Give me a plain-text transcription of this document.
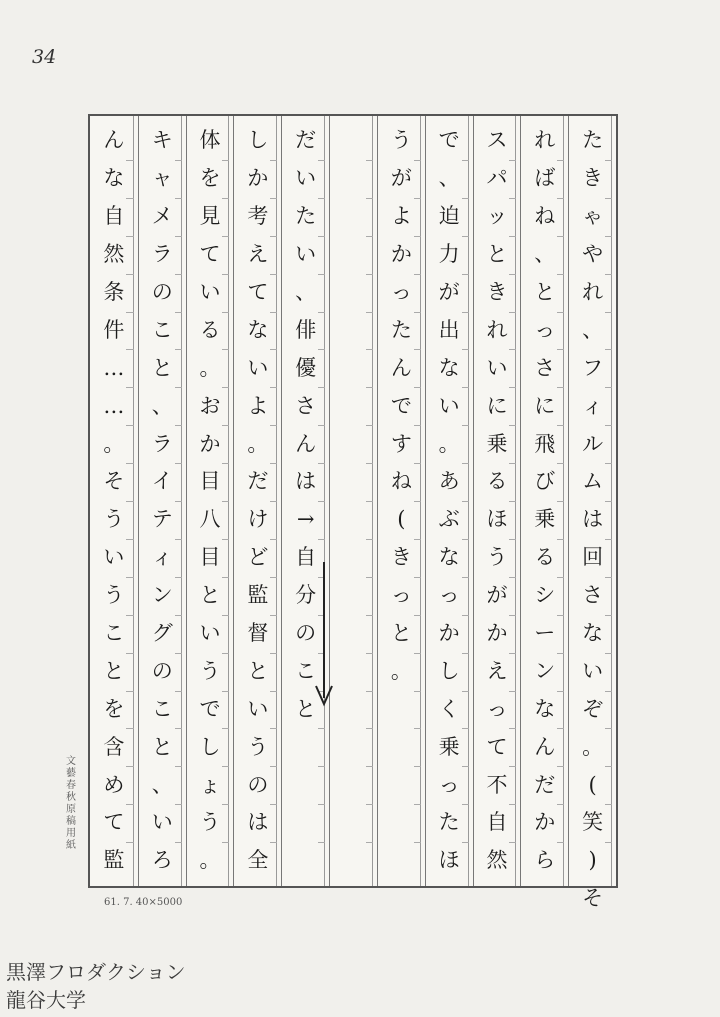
34
た
き
ゃ
や
れ
、
フ
ィ
ル
ム
は
回
さ
な
い
ぞ
。
(
笑
)
そ
れ
ば
ね
、
と
っ
さ
に
飛
び
乗
る
シ
ー
ン
な
ん
だ
か
ら
ス
パ
ッ
と
き
れ
い
に
乗
る
ほ
う
が
か
え
っ
て
不
自
然
で
、
迫
力
が
出
な
い
。
あ
ぶ
な
っ
か
し
く
乗
っ
た
ほ
う
が
よ
か
っ
た
ん
で
す
ね
(
き
っ
と
。
だ
い
た
い
、
俳
優
さ
ん
は
→
自
分
の
こ
と
し
か
考
え
て
な
い
よ
。
だ
け
ど
監
督
と
い
う
の
は
全
体
を
見
て
い
る
。
お
か
目
八
目
と
い
う
で
し
ょ
う
。
キ
ャ
メ
ラ
の
こ
と
、
ラ
イ
テ
ィ
ン
グ
の
こ
と
、
い
ろ
ん
な
自
然
条
件
…
…
。
そ
う
い
う
こ
と
を
含
め
て
監
文藝春秋 原稿用紙
61. 7. 40×5000
黒澤フロダクション
龍谷大学
